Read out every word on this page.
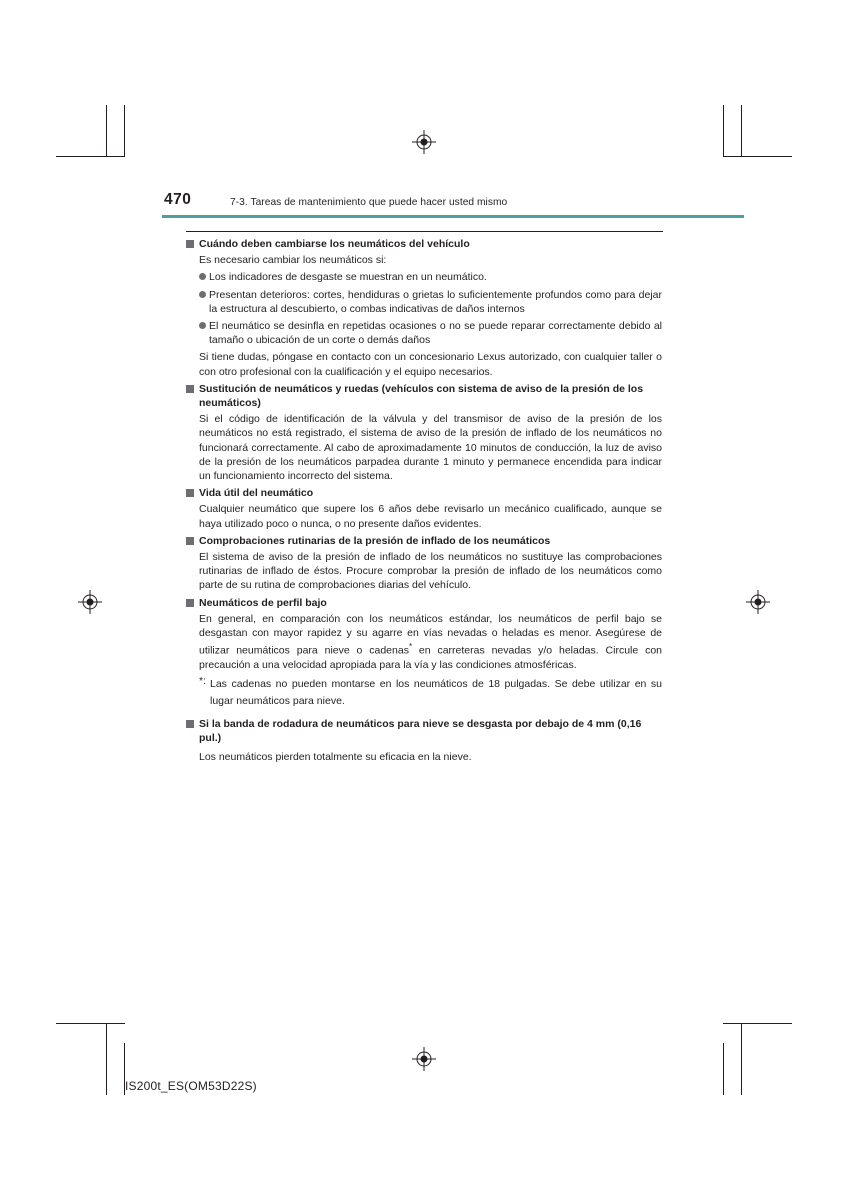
470	7-3. Tareas de mantenimiento que puede hacer usted mismo

Cuándo deben cambiarse los neumáticos del vehículo

Es necesario cambiar los neumáticos si:

Los indicadores de desgaste se muestran en un neumático.

Presentan deterioros: cortes, hendiduras o grietas lo suficientemente profundos como para dejar la estructura al descubierto, o combas indicativas de daños internos

El neumático se desinfla en repetidas ocasiones o no se puede reparar correctamente debido al tamaño o ubicación de un corte o demás daños

Si tiene dudas, póngase en contacto con un concesionario Lexus autorizado, con cualquier taller o con otro profesional con la cualificación y el equipo necesarios.

Sustitución de neumáticos y ruedas (vehículos con sistema de aviso de la presión de los neumáticos)

Si el código de identificación de la válvula y del transmisor de aviso de la presión de los neumáticos no está registrado, el sistema de aviso de la presión de inflado de los neumáticos no funcionará correctamente. Al cabo de aproximadamente 10 minutos de conducción, la luz de aviso de la presión de los neumáticos parpadea durante 1 minuto y permanece encendida para indicar un funcionamiento incorrecto del sistema.

Vida útil del neumático

Cualquier neumático que supere los 6 años debe revisarlo un mecánico cualificado, aunque se haya utilizado poco o nunca, o no presente daños evidentes.

Comprobaciones rutinarias de la presión de inflado de los neumáticos

El sistema de aviso de la presión de inflado de los neumáticos no sustituye las comprobaciones rutinarias de inflado de éstos. Procure comprobar la presión de inflado de los neumáticos como parte de su rutina de comprobaciones diarias del vehículo.

Neumáticos de perfil bajo

En general, en comparación con los neumáticos estándar, los neumáticos de perfil bajo se desgastan con mayor rapidez y su agarre en vías nevadas o heladas es menor. Asegúrese de utilizar neumáticos para nieve o cadenas* en carreteras nevadas y/o heladas. Circule con precaución a una velocidad apropiada para la vía y las condiciones atmosféricas.

*: Las cadenas no pueden montarse en los neumáticos de 18 pulgadas. Se debe utilizar en su lugar neumáticos para nieve.

Si la banda de rodadura de neumáticos para nieve se desgasta por debajo de 4 mm (0,16 pul.)

Los neumáticos pierden totalmente su eficacia en la nieve.

IS200t_ES(OM53D22S)
